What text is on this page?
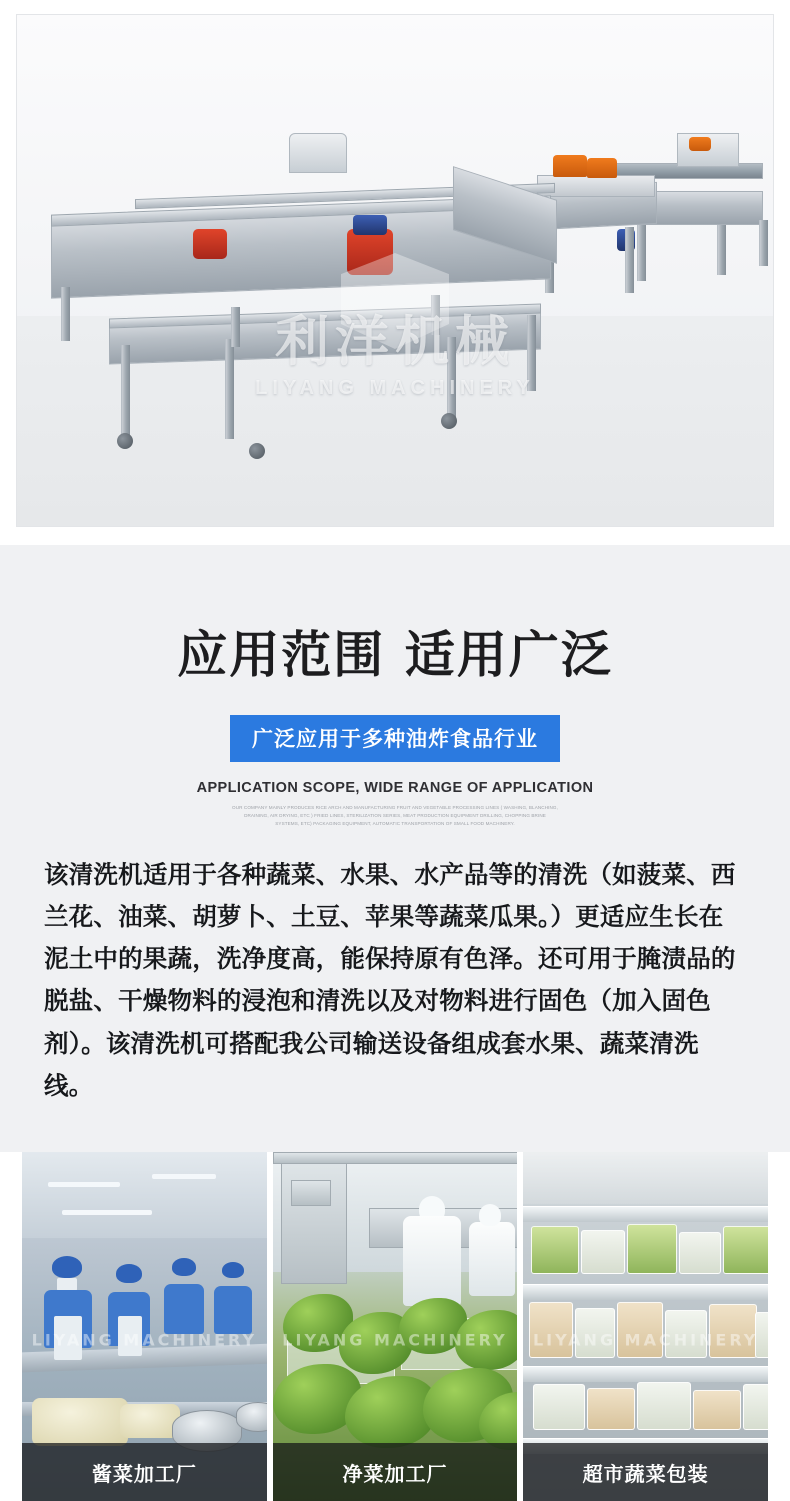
利洋机械
LIYANG MACHINERY
应用范围 适用广泛
广泛应用于多种油炸食品行业
APPLICATION SCOPE, WIDE RANGE OF APPLICATION
OUR COMPANY MAINLY PRODUCES RICE ARCH AND MANUFACTURING FRUIT AND VEGETABLE PROCESSING LINES ( WASHING, BLANCHING, DRAINING, AIR DRYING, ETC ) FRIED LINES, STERILIZATION SERIES, MEAT PRODUCTION EQUIPMENT DRILLING, CHOPPING BRINE SYSTEMS, ETC) PACKAGING EQUIPMENT, AUTOMATIC TRANSPORTATION OF SMALL FOOD MACHINERY.

该清洗机适用于各种蔬菜、水果、水产品等的清洗（如菠菜、西兰花、油菜、胡萝卜、土豆、苹果等蔬菜瓜果。）更适应生长在泥土中的果蔬，洗净度高，能保持原有色泽。还可用于腌渍品的脱盐、干燥物料的浸泡和清洗以及对物料进行固色（加入固色剂）。该清洗机可搭配我公司输送设备组成套水果、蔬菜清洗线。

LIYANG MACHINERY
酱菜加工厂
LIYANG MACHINERY
净菜加工厂
LIYANG MACHINERY
超市蔬菜包装
